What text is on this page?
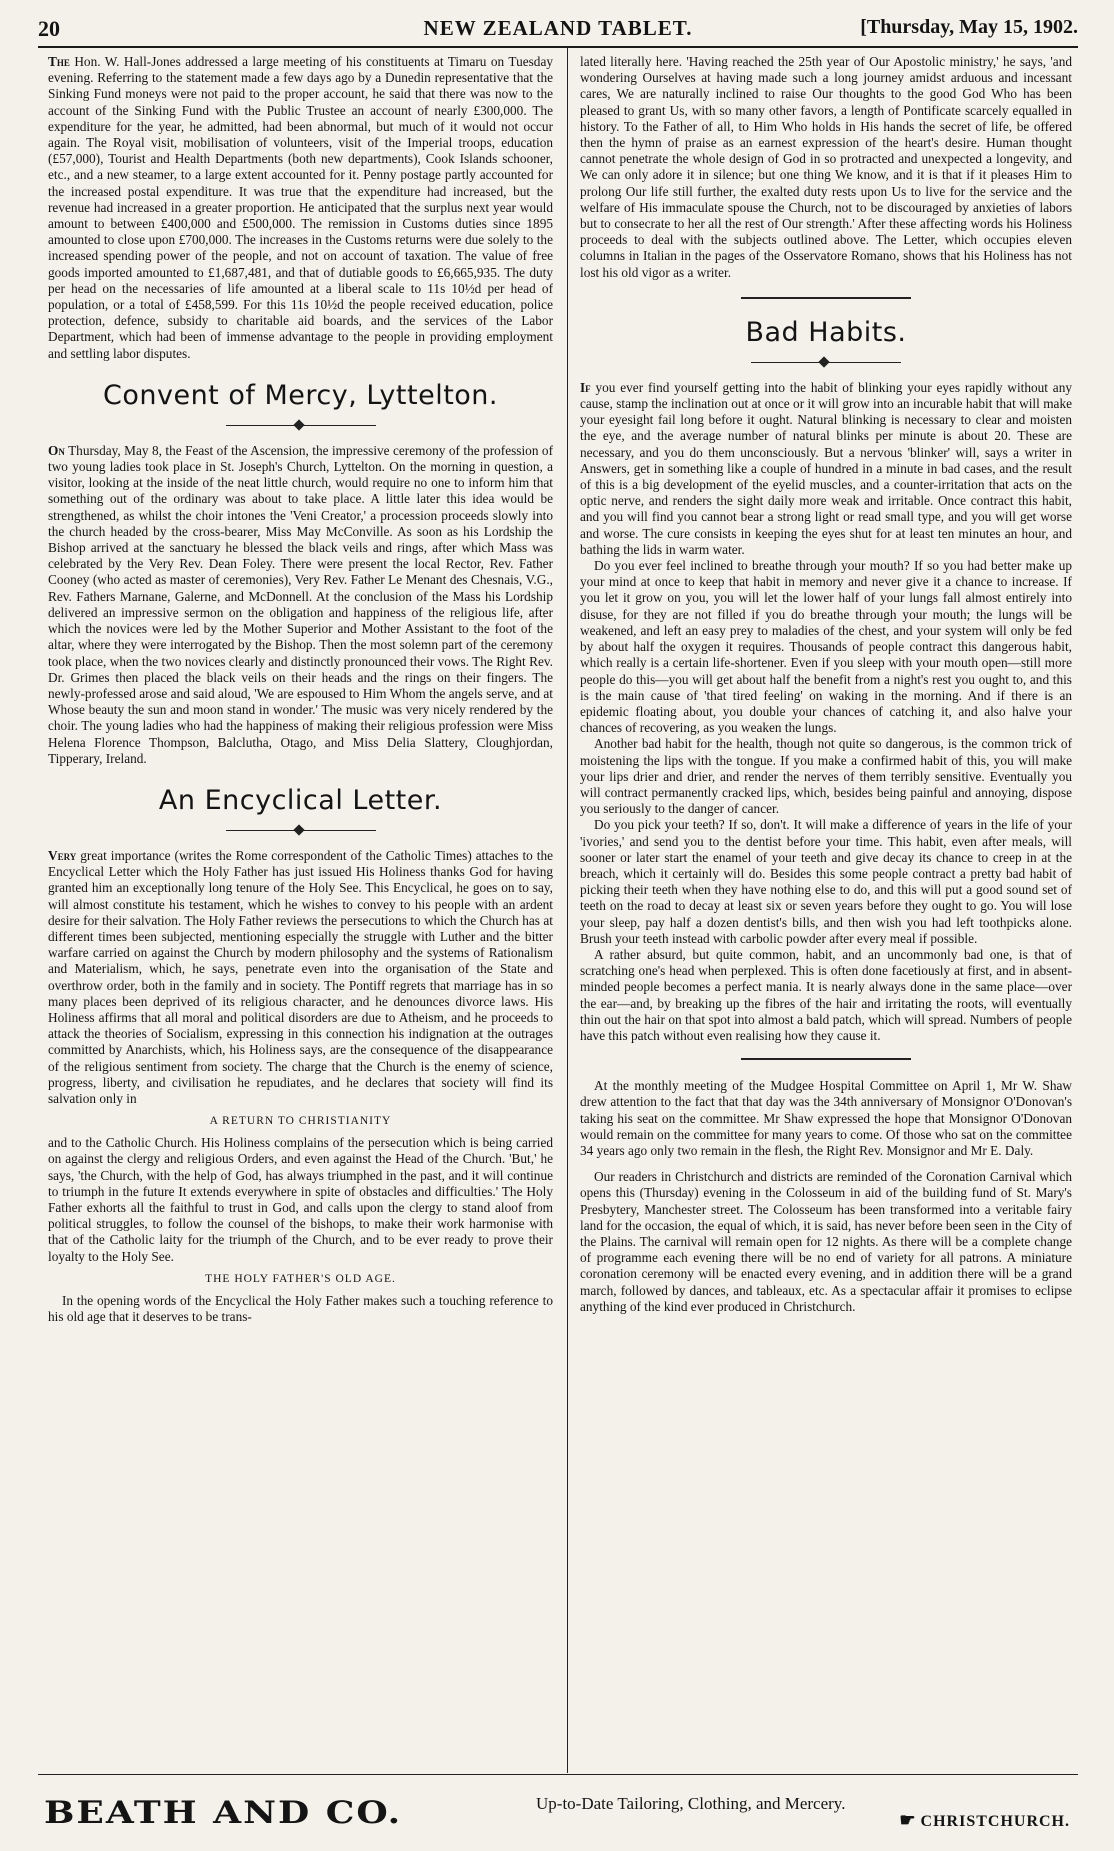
20	NEW ZEALAND TABLET.	[Thursday, May 15, 1902.

The Hon. W. Hall-Jones addressed a large meeting of his constituents at Timaru on Tuesday evening. Referring to the statement made a few days ago by a Dunedin representative that the Sinking Fund moneys were not paid to the proper account, he said that there was now to the account of the Sinking Fund with the Public Trustee an account of nearly £300,000. The expenditure for the year, he admitted, had been abnormal, but much of it would not occur again. The Royal visit, mobilisation of volunteers, visit of the Imperial troops, education (£57,000), Tourist and Health Departments (both new departments), Cook Islands schooner, etc., and a new steamer, to a large extent accounted for it. Penny postage partly accounted for the increased postal expenditure. It was true that the expenditure had increased, but the revenue had increased in a greater proportion. He anticipated that the surplus next year would amount to between £400,000 and £500,000. The remission in Customs duties since 1895 amounted to close upon £700,000. The increases in the Customs returns were due solely to the increased spending power of the people, and not on account of taxation. The value of free goods imported amounted to £1,687,481, and that of dutiable goods to £6,665,935. The duty per head on the necessaries of life amounted at a liberal scale to 11s 10½d per head of population, or a total of £458,599. For this 11s 10½d the people received education, police protection, defence, subsidy to charitable aid boards, and the services of the Labor Department, which had been of immense advantage to the people in providing employment and settling labor disputes.

Convent of Mercy, Lyttelton.

On Thursday, May 8, the Feast of the Ascension, the impressive ceremony of the profession of two young ladies took place in St. Joseph's Church, Lyttelton. On the morning in question, a visitor, looking at the inside of the neat little church, would require no one to inform him that something out of the ordinary was about to take place. A little later this idea would be strengthened, as whilst the choir intones the 'Veni Creator,' a procession proceeds slowly into the church headed by the cross-bearer, Miss May McConville. As soon as his Lordship the Bishop arrived at the sanctuary he blessed the black veils and rings, after which Mass was celebrated by the Very Rev. Dean Foley. There were present the local Rector, Rev. Father Cooney (who acted as master of ceremonies), Very Rev. Father Le Menant des Chesnais, V.G., Rev. Fathers Marnane, Galerne, and McDonnell. At the conclusion of the Mass his Lordship delivered an impressive sermon on the obligation and happiness of the religious life, after which the novices were led by the Mother Superior and Mother Assistant to the foot of the altar, where they were interrogated by the Bishop. Then the most solemn part of the ceremony took place, when the two novices clearly and distinctly pronounced their vows. The Right Rev. Dr. Grimes then placed the black veils on their heads and the rings on their fingers. The newly-professed arose and said aloud, 'We are espoused to Him Whom the angels serve, and at Whose beauty the sun and moon stand in wonder.' The music was very nicely rendered by the choir. The young ladies who had the happiness of making their religious profession were Miss Helena Florence Thompson, Balclutha, Otago, and Miss Delia Slattery, Cloughjordan, Tipperary, Ireland.

An Encyclical Letter.

Very great importance (writes the Rome correspondent of the Catholic Times) attaches to the Encyclical Letter which the Holy Father has just issued His Holiness thanks God for having granted him an exceptionally long tenure of the Holy See. This Encyclical, he goes on to say, will almost constitute his testament, which he wishes to convey to his people with an ardent desire for their salvation. The Holy Father reviews the persecutions to which the Church has at different times been subjected, mentioning especially the struggle with Luther and the bitter warfare carried on against the Church by modern philosophy and the systems of Rationalism and Materialism, which, he says, penetrate even into the organisation of the State and overthrow order, both in the family and in society. The Pontiff regrets that marriage has in so many places been deprived of its religious character, and he denounces divorce laws. His Holiness affirms that all moral and political disorders are due to Atheism, and he proceeds to attack the theories of Socialism, expressing in this connection his indignation at the outrages committed by Anarchists, which, his Holiness says, are the consequence of the disappearance of the religious sentiment from society. The charge that the Church is the enemy of science, progress, liberty, and civilisation he repudiates, and he declares that society will find its salvation only in

A RETURN TO CHRISTIANITY

and to the Catholic Church. His Holiness complains of the persecution which is being carried on against the clergy and religious Orders, and even against the Head of the Church. 'But,' he says, 'the Church, with the help of God, has always triumphed in the past, and it will continue to triumph in the future It extends everywhere in spite of obstacles and difficulties.' The Holy Father exhorts all the faithful to trust in God, and calls upon the clergy to stand aloof from political struggles, to follow the counsel of the bishops, to make their work harmonise with that of the Catholic laity for the triumph of the Church, and to be ever ready to prove their loyalty to the Holy See.

THE HOLY FATHER'S OLD AGE.

In the opening words of the Encyclical the Holy Father makes such a touching reference to his old age that it deserves to be trans-

lated literally here. 'Having reached the 25th year of Our Apostolic ministry,' he says, 'and wondering Ourselves at having made such a long journey amidst arduous and incessant cares, We are naturally inclined to raise Our thoughts to the good God Who has been pleased to grant Us, with so many other favors, a length of Pontificate scarcely equalled in history. To the Father of all, to Him Who holds in His hands the secret of life, be offered then the hymn of praise as an earnest expression of the heart's desire. Human thought cannot penetrate the whole design of God in so protracted and unexpected a longevity, and We can only adore it in silence; but one thing We know, and it is that if it pleases Him to prolong Our life still further, the exalted duty rests upon Us to live for the service and the welfare of His immaculate spouse the Church, not to be discouraged by anxieties of labors but to consecrate to her all the rest of Our strength.' After these affecting words his Holiness proceeds to deal with the subjects outlined above. The Letter, which occupies eleven columns in Italian in the pages of the Osservatore Romano, shows that his Holiness has not lost his old vigor as a writer.

Bad Habits.

If you ever find yourself getting into the habit of blinking your eyes rapidly without any cause, stamp the inclination out at once or it will grow into an incurable habit that will make your eyesight fail long before it ought. Natural blinking is necessary to clear and moisten the eye, and the average number of natural blinks per minute is about 20. These are necessary, and you do them unconsciously. But a nervous 'blinker' will, says a writer in Answers, get in something like a couple of hundred in a minute in bad cases, and the result of this is a big development of the eyelid muscles, and a counter-irritation that acts on the optic nerve, and renders the sight daily more weak and irritable. Once contract this habit, and you will find you cannot bear a strong light or read small type, and you will get worse and worse. The cure consists in keeping the eyes shut for at least ten minutes an hour, and bathing the lids in warm water.

Do you ever feel inclined to breathe through your mouth? If so you had better make up your mind at once to keep that habit in memory and never give it a chance to increase. If you let it grow on you, you will let the lower half of your lungs fall almost entirely into disuse, for they are not filled if you do breathe through your mouth; the lungs will be weakened, and left an easy prey to maladies of the chest, and your system will only be fed by about half the oxygen it requires. Thousands of people contract this dangerous habit, which really is a certain life-shortener. Even if you sleep with your mouth open—still more people do this—you will get about half the benefit from a night's rest you ought to, and this is the main cause of 'that tired feeling' on waking in the morning. And if there is an epidemic floating about, you double your chances of catching it, and also halve your chances of recovering, as you weaken the lungs.

Another bad habit for the health, though not quite so dangerous, is the common trick of moistening the lips with the tongue. If you make a confirmed habit of this, you will make your lips drier and drier, and render the nerves of them terribly sensitive. Eventually you will contract permanently cracked lips, which, besides being painful and annoying, dispose you seriously to the danger of cancer.

Do you pick your teeth? If so, don't. It will make a difference of years in the life of your 'ivories,' and send you to the dentist before your time. This habit, even after meals, will sooner or later start the enamel of your teeth and give decay its chance to creep in at the breach, which it certainly will do. Besides this some people contract a pretty bad habit of picking their teeth when they have nothing else to do, and this will put a good sound set of teeth on the road to decay at least six or seven years before they ought to go. You will lose your sleep, pay half a dozen dentist's bills, and then wish you had left toothpicks alone. Brush your teeth instead with carbolic powder after every meal if possible.

A rather absurd, but quite common, habit, and an uncommonly bad one, is that of scratching one's head when perplexed. This is often done facetiously at first, and in absent-minded people becomes a perfect mania. It is nearly always done in the same place—over the ear—and, by breaking up the fibres of the hair and irritating the roots, will eventually thin out the hair on that spot into almost a bald patch, which will spread. Numbers of people have this patch without even realising how they cause it.

At the monthly meeting of the Mudgee Hospital Committee on April 1, Mr W. Shaw drew attention to the fact that that day was the 34th anniversary of Monsignor O'Donovan's taking his seat on the committee. Mr Shaw expressed the hope that Monsignor O'Donovan would remain on the committee for many years to come. Of those who sat on the committee 34 years ago only two remain in the flesh, the Right Rev. Monsignor and Mr E. Daly.

Our readers in Christchurch and districts are reminded of the Coronation Carnival which opens this (Thursday) evening in the Colosseum in aid of the building fund of St. Mary's Presbytery, Manchester street. The Colosseum has been transformed into a veritable fairy land for the occasion, the equal of which, it is said, has never before been seen in the City of the Plains. The carnival will remain open for 12 nights. As there will be a complete change of programme each evening there will be no end of variety for all patrons. A miniature coronation ceremony will be enacted every evening, and in addition there will be a grand march, followed by dances, and tableaux, etc. As a spectacular affair it promises to eclipse anything of the kind ever produced in Christchurch.

BEATH AND CO.	Up-to-Date Tailoring, Clothing, and Mercery.
☛ CHRISTCHURCH.
